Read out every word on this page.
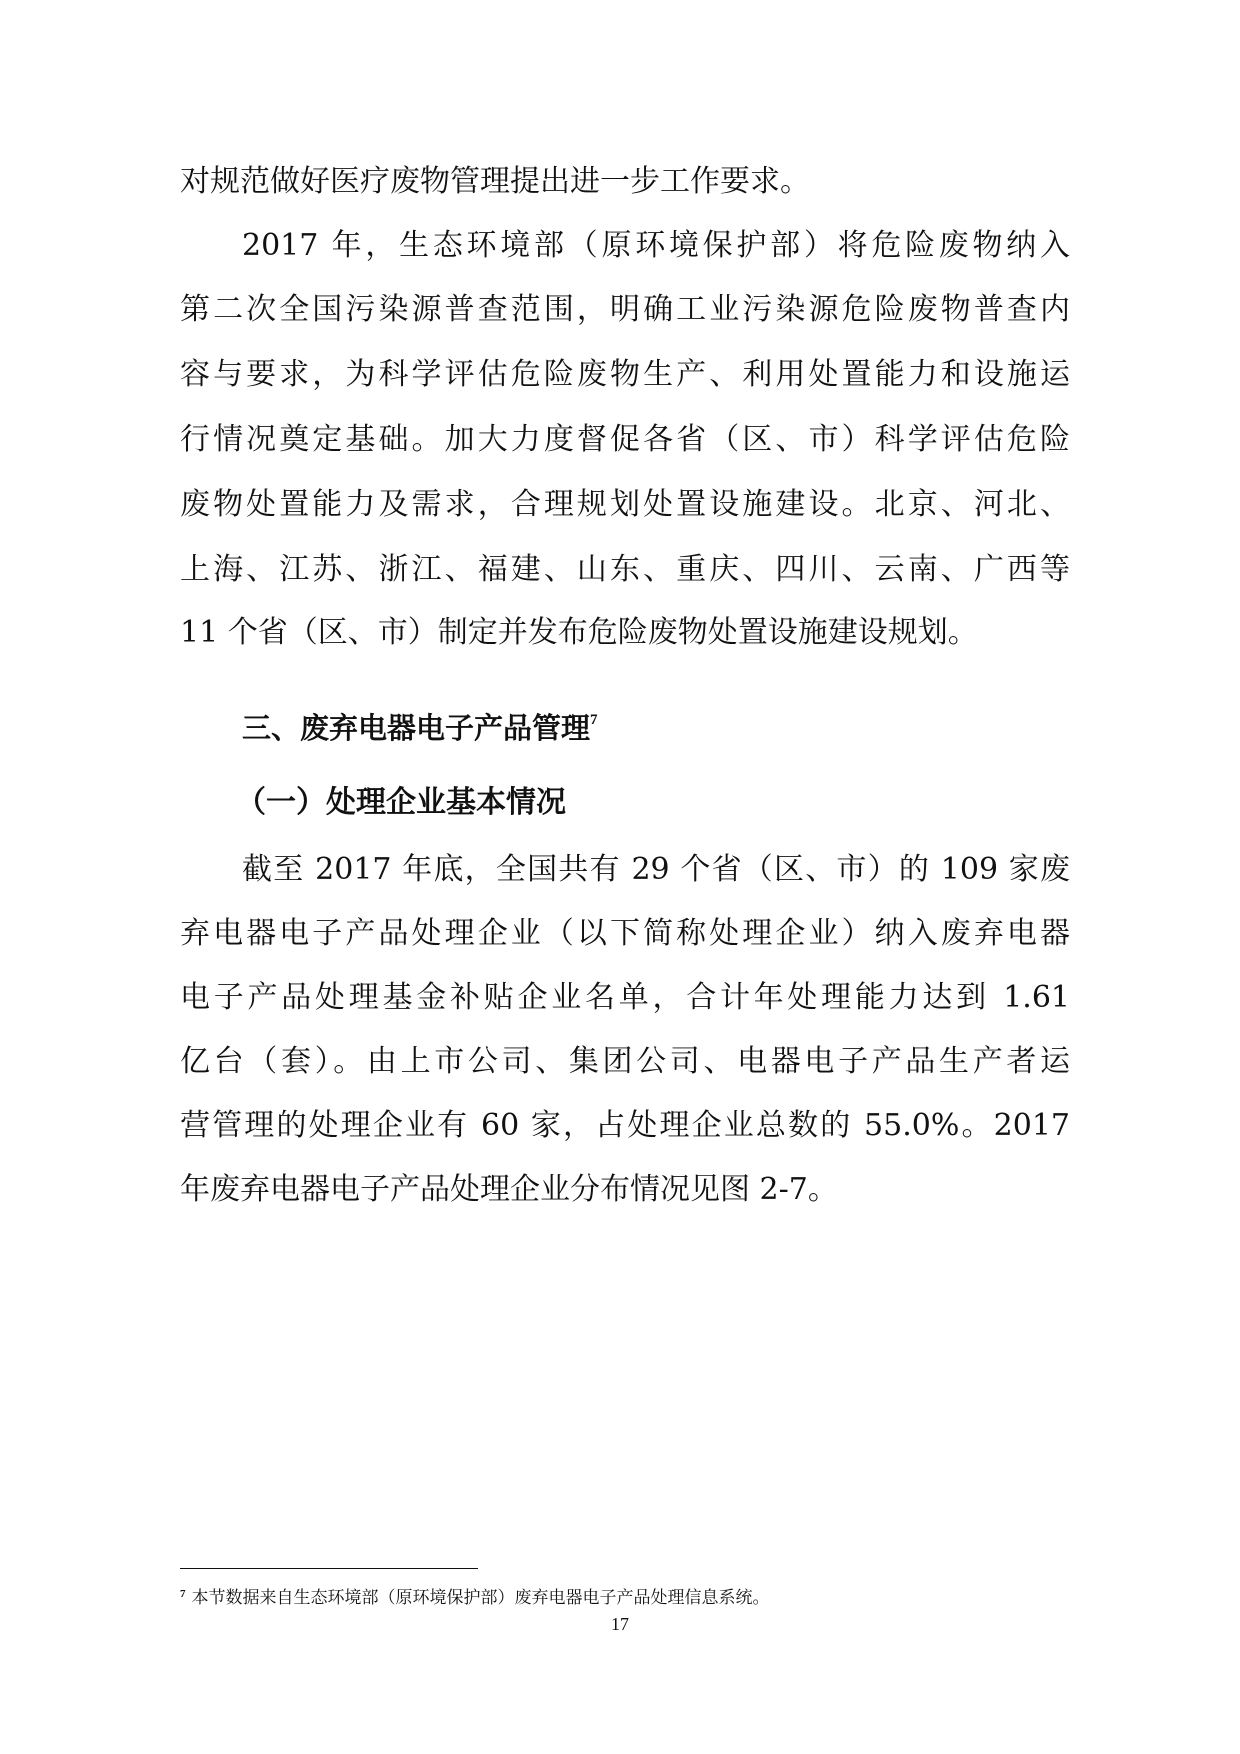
对规范做好医疗废物管理提出进一步工作要求。
2017 年，生态环境部（原环境保护部）将危险废物纳入
第二次全国污染源普查范围，明确工业污染源危险废物普查内
容与要求，为科学评估危险废物生产、利用处置能力和设施运
行情况奠定基础。加大力度督促各省（区、市）科学评估危险
废物处置能力及需求，合理规划处置设施建设。北京、河北、
上海、江苏、浙江、福建、山东、重庆、四川、云南、广西等
11 个省（区、市）制定并发布危险废物处置设施建设规划。
三、废弃电器电子产品管理$^7$
（一）处理企业基本情况
截至 2017 年底，全国共有 29 个省（区、市）的 109 家废
弃电器电子产品处理企业（以下简称处理企业）纳入废弃电器
电子产品处理基金补贴企业名单，合计年处理能力达到 1.61
亿台（套）。由上市公司、集团公司、电器电子产品生产者运
营管理的处理企业有 60 家，占处理企业总数的 55.0%。2017
年废弃电器电子产品处理企业分布情况见图 2-7。
$^7$ 本节数据来自生态环境部（原环境保护部）废弃电器电子产品处理信息系统。
17
